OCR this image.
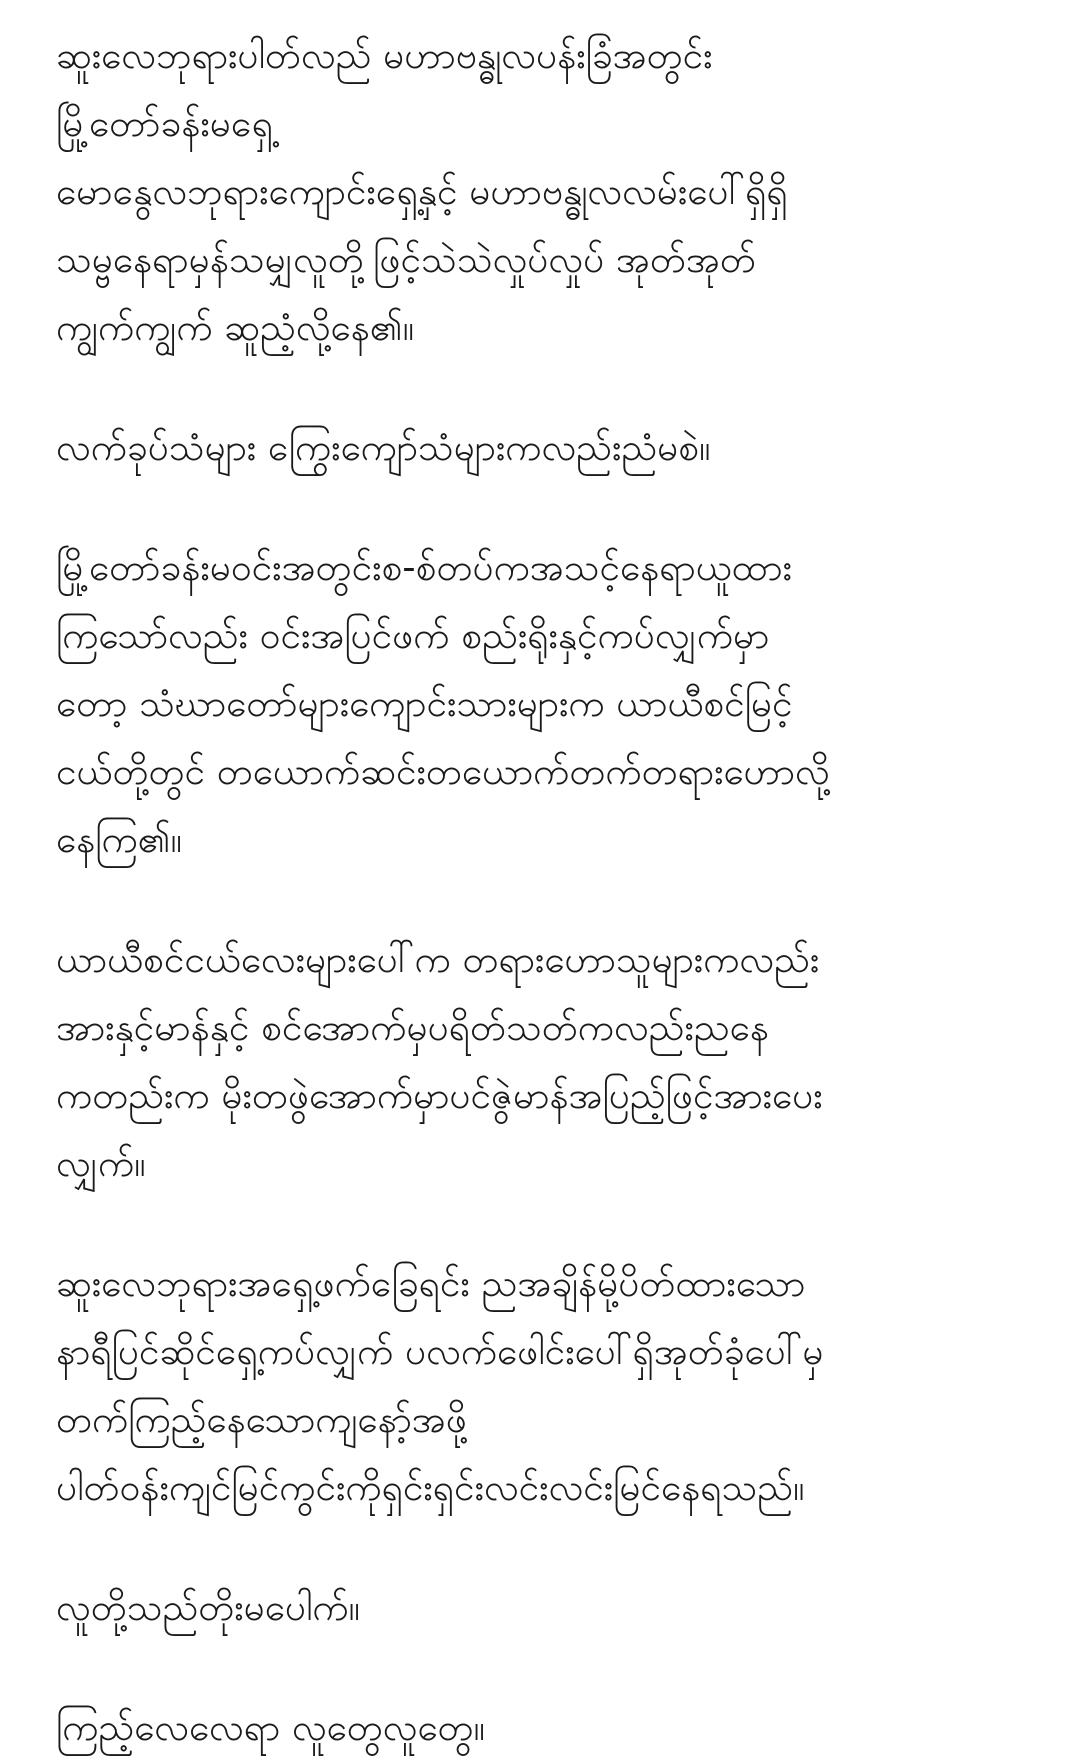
ဆူးလေဘုရားပါတ်လည် မဟာဗန္ဓုလပန်းခြံအတွင်း
မြို့တော်ခန်းမရှေ့
မောနွေလဘုရားကျောင်းရှေ့နှင့် မဟာဗန္ဓုလလမ်းပေါ်ရှိရှိ
သမ္ဗနေရာမှန်သမျှလူတို့ဖြင့်သဲသဲလှုပ်လှုပ် အုတ်အုတ်
ကျွက်ကျွက် ဆူညံ့လို့နေ၏။

လက်ခုပ်သံများ ကြွေးကျော်သံများကလည်းညံမစဲ။

မြို့တော်ခန်းမဝင်းအတွင်းစ-စ်တပ်ကအသင့်နေရာယူထား
ကြသော်လည်း ဝင်းအပြင်ဖက် စည်းရိုးနှင့်ကပ်လျှက်မှာ
တော့ သံဃာတော်များကျောင်းသားများက ယာယီစင်မြင့်
ငယ်တို့တွင် တယောက်ဆင်းတယောက်တက်တရားဟောလို့
နေကြ၏။

ယာယီစင်ငယ်လေးများပေါ်က တရားဟောသူများကလည်း
အားနှင့်မာန်နှင့် စင်အောက်မှပရိတ်သတ်ကလည်းညနေ
ကတည်းက မိုးတဖွဲအောက်မှာပင်ဇွဲမာန်အပြည့်ဖြင့်အားပေး
လျှက်။

ဆူးလေဘုရားအရှေ့ဖက်ခြေရင်း ညအချိန်မို့ပိတ်ထားသော
နာရီပြင်ဆိုင်ရှေ့ကပ်လျှက် ပလက်ဖေါင်းပေါ်ရှိအုတ်ခုံပေါ်မှ
တက်ကြည့်နေသောကျနော့်အဖို့
ပါတ်ဝန်းကျင်မြင်ကွင်းကိုရှင်းရှင်းလင်းလင်းမြင်နေရသည်။

လူတို့သည်တိုးမပေါက်။

ကြည့်လေလေရာ လူတွေလူတွေ။
